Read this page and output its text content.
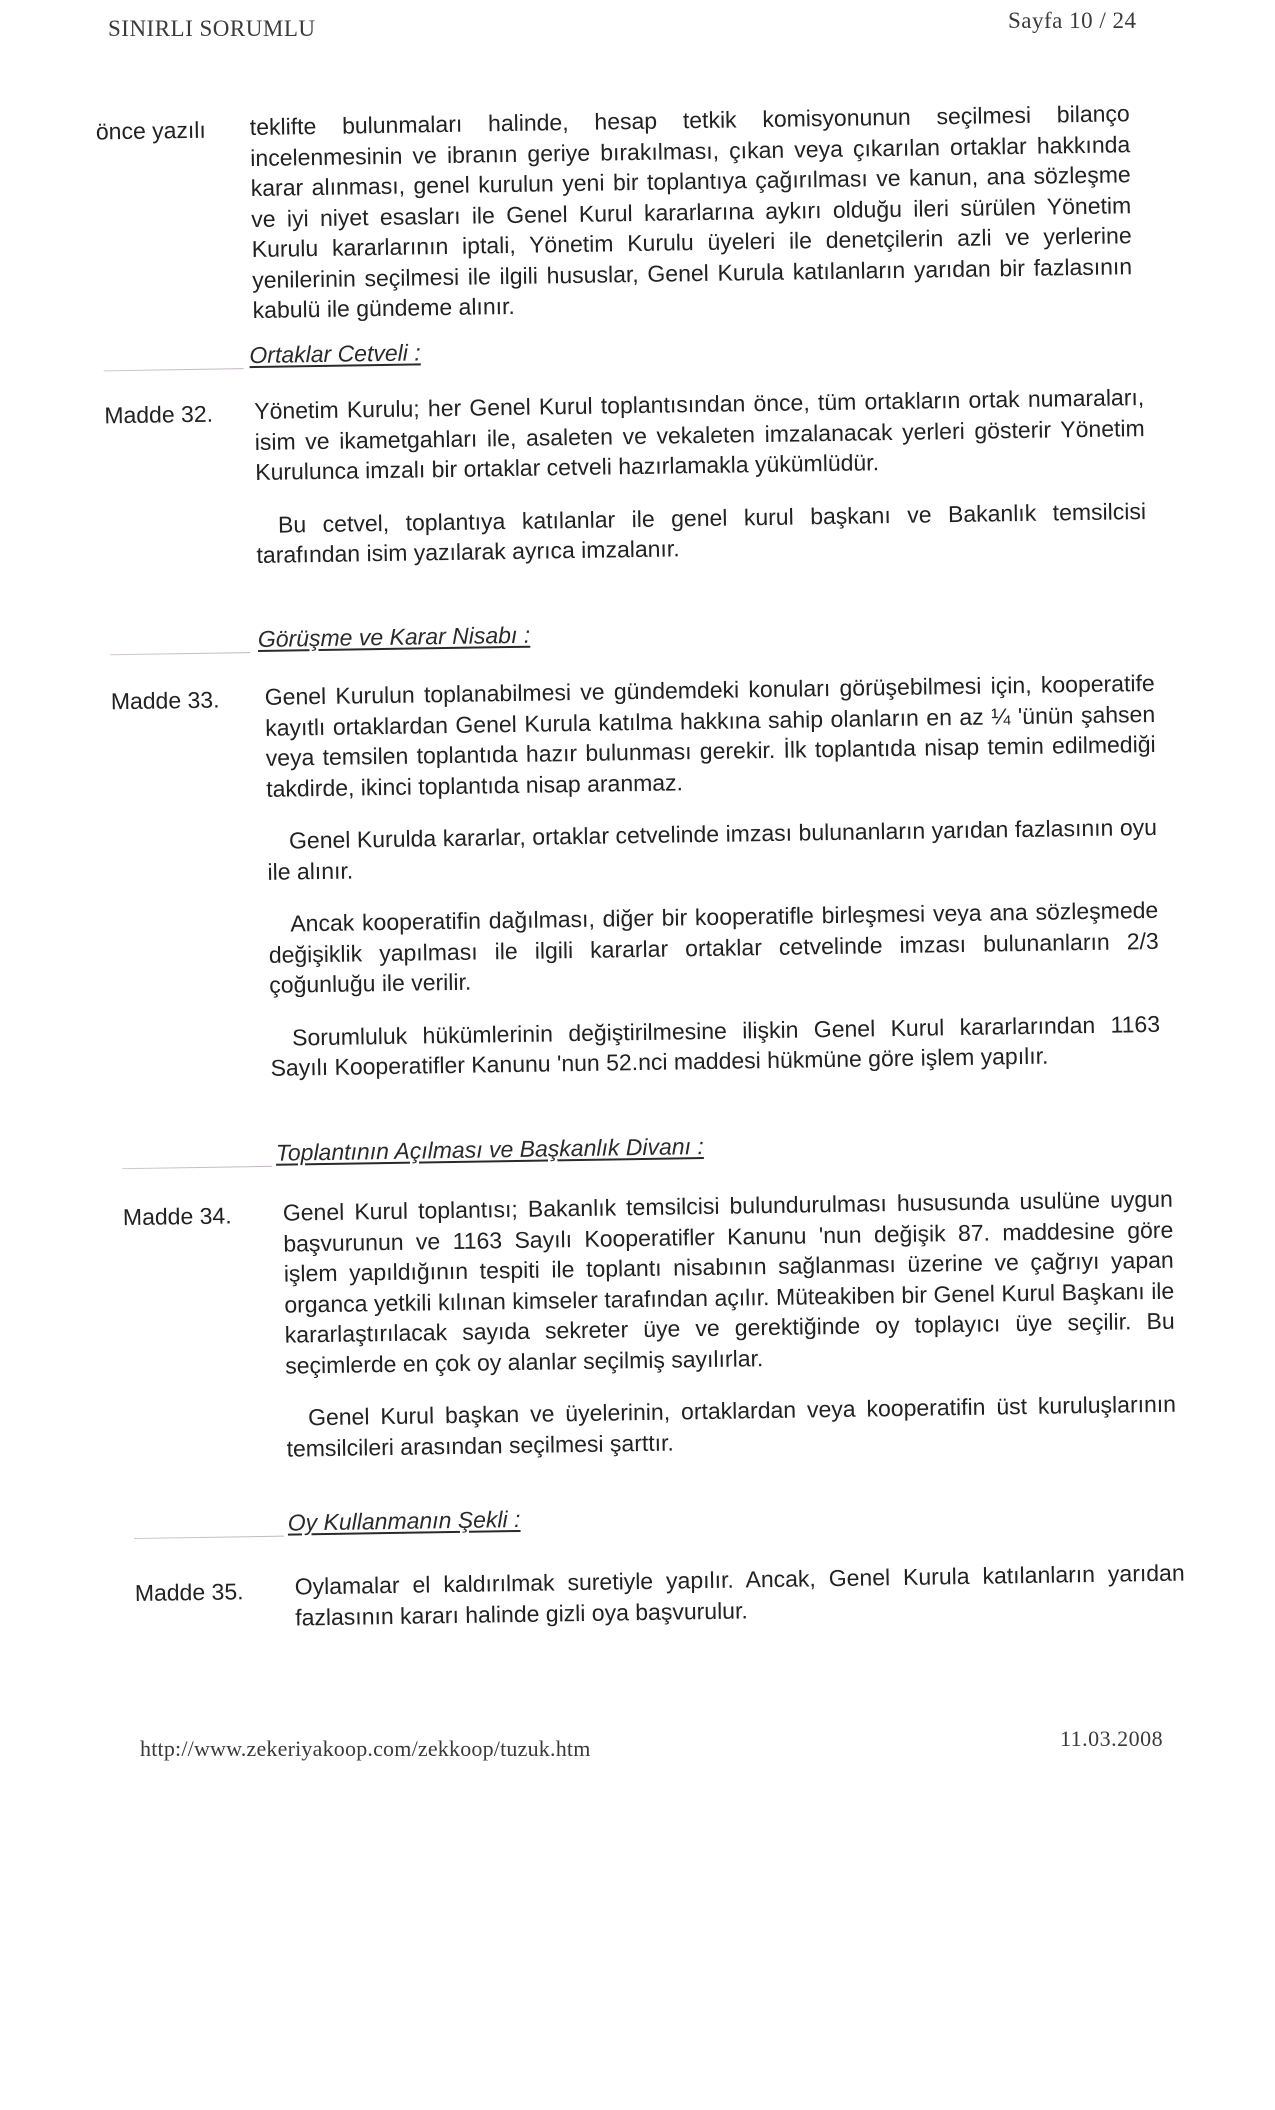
SINIRLI SORUMLU	Sayfa 10 / 24
önce yazılı teklifte bulunmaları halinde, hesap tetkik komisyonunun seçilmesi bilanço incelenmesinin ve ibranın geriye bırakılması, çıkan veya çıkarılan ortaklar hakkında karar alınması, genel kurulun yeni bir toplantıya çağırılması ve kanun, ana sözleşme ve iyi niyet esasları ile Genel Kurul kararlarına aykırı olduğu ileri sürülen Yönetim Kurulu kararlarının iptali, Yönetim Kurulu üyeleri ile denetçilerin azli ve yerlerine yenilerinin seçilmesi ile ilgili hususlar, Genel Kurula katılanların yarıdan bir fazlasının kabulü ile gündeme alınır.

Ortaklar Cetveli :
Madde 32. Yönetim Kurulu; her Genel Kurul toplantısından önce, tüm ortakların ortak numaraları, isim ve ikametgahları ile, asaleten ve vekaleten imzalanacak yerleri gösterir Yönetim Kurulunca imzalı bir ortaklar cetveli hazırlamakla yükümlüdür.

Bu cetvel, toplantıya katılanlar ile genel kurul başkanı ve Bakanlık temsilcisi tarafından isim yazılarak ayrıca imzalanır.

Görüşme ve Karar Nisabı :
Madde 33. Genel Kurulun toplanabilmesi ve gündemdeki konuları görüşebilmesi için, kooperatife kayıtlı ortaklardan Genel Kurula katılma hakkına sahip olanların en az ¼ 'ünün şahsen veya temsilen toplantıda hazır bulunması gerekir. İlk toplantıda nisap temin edilmediği takdirde, ikinci toplantıda nisap aranmaz.

Genel Kurulda kararlar, ortaklar cetvelinde imzası bulunanların yarıdan fazlasının oyu ile alınır.

Ancak kooperatifin dağılması, diğer bir kooperatifle birleşmesi veya ana sözleşmede değişiklik yapılması ile ilgili kararlar ortaklar cetvelinde imzası bulunanların 2/3 çoğunluğu ile verilir.

Sorumluluk hükümlerinin değiştirilmesine ilişkin Genel Kurul kararlarından 1163 Sayılı Kooperatifler Kanunu 'nun 52.nci maddesi hükmüne göre işlem yapılır.

Toplantının Açılması ve Başkanlık Divanı :
Madde 34. Genel Kurul toplantısı; Bakanlık temsilcisi bulundurulması hususunda usulüne uygun başvurunun ve 1163 Sayılı Kooperatifler Kanunu 'nun değişik 87. maddesine göre işlem yapıldığının tespiti ile toplantı nisabının sağlanması üzerine ve çağrıyı yapan organca yetkili kılınan kimseler tarafından açılır. Müteakiben bir Genel Kurul Başkanı ile kararlaştırılacak sayıda sekreter üye ve gerektiğinde oy toplayıcı üye seçilir. Bu seçimlerde en çok oy alanlar seçilmiş sayılırlar.

Genel Kurul başkan ve üyelerinin, ortaklardan veya kooperatifin üst kuruluşlarının temsilcileri arasından seçilmesi şarttır.

Oy Kullanmanın Şekli :
Madde 35. Oylamalar el kaldırılmak suretiyle yapılır. Ancak, Genel Kurula katılanların yarıdan fazlasının kararı halinde gizli oya başvurulur.

http://www.zekeriyakoop.com/zekkoop/tuzuk.htm	11.03.2008
